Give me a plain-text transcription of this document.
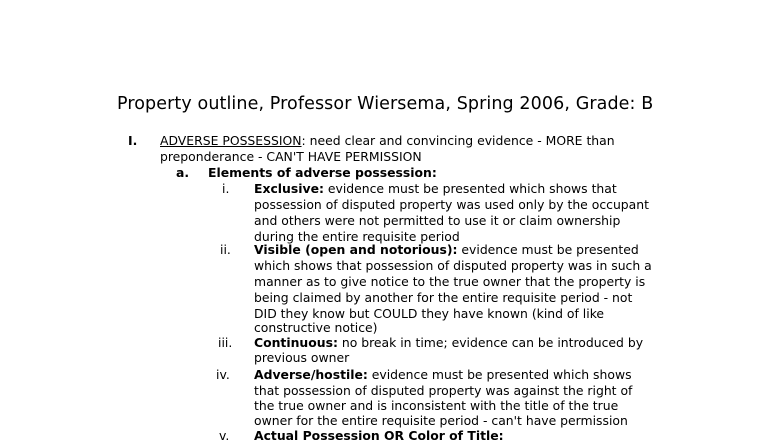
Property outline, Professor Wiersema, Spring 2006, Grade: B
I. ADVERSE POSSESSION: need clear and convincing evidence - MORE than
preponderance - CAN'T HAVE PERMISSION
a. Elements of adverse possession:
i. Exclusive: evidence must be presented which shows that
possession of disputed property was used only by the occupant
and others were not permitted to use it or claim ownership
during the entire requisite period
ii. Visible (open and notorious): evidence must be presented
which shows that possession of disputed property was in such a
manner as to give notice to the true owner that the property is
being claimed by another for the entire requisite period - not
DID they know but COULD they have known (kind of like
constructive notice)
iii. Continuous: no break in time; evidence can be introduced by
previous owner
iv. Adverse/hostile: evidence must be presented which shows
that possession of disputed property was against the right of
the true owner and is inconsistent with the title of the true
owner for the entire requisite period - can't have permission
v. Actual Possession OR Color of Title:
